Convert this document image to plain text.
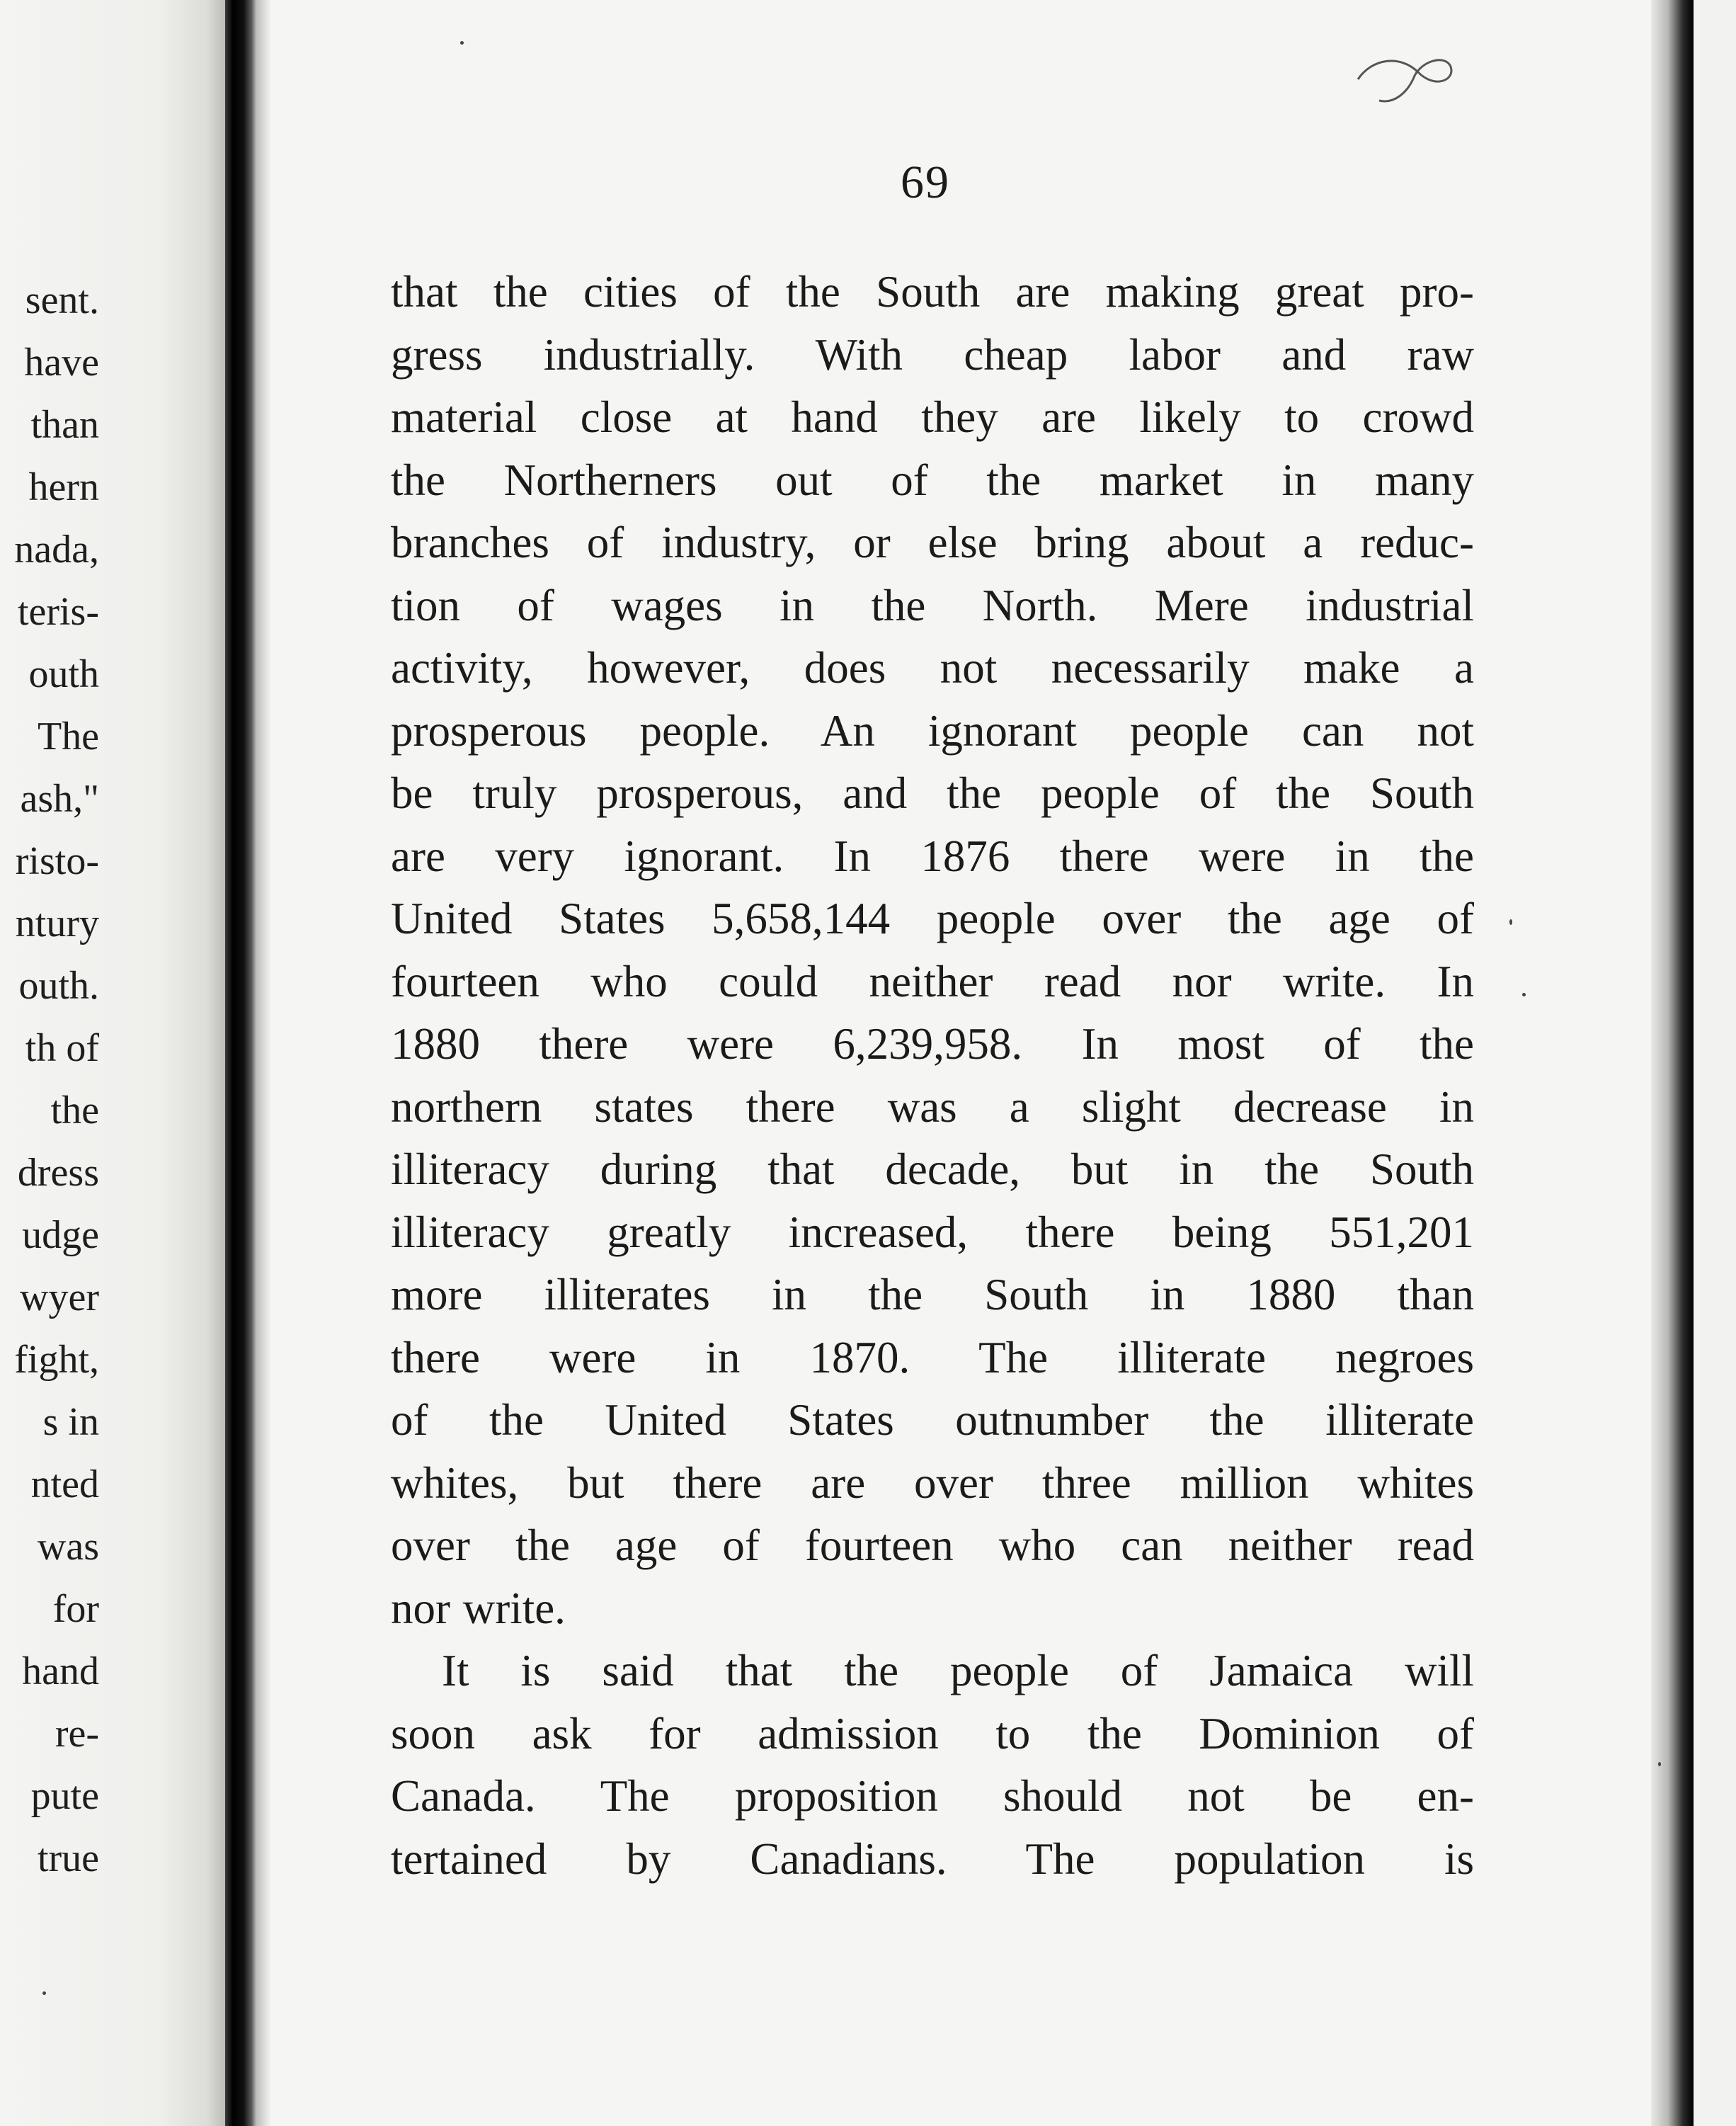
sent.
have
than
hern
nada,
teris-
outh
The
ash,"
risto-
ntury
outh.
th of
the
dress
udge
wyer
fight,
s in
nted
was
for
hand
re-
pute
true
69
that the cities of the South are making great pro-
gress industrially. With cheap labor and raw
material close at hand they are likely to crowd
the Northerners out of the market in many
branches of industry, or else bring about a reduc-
tion of wages in the North. Mere industrial
activity, however, does not necessarily make a
prosperous people. An ignorant people can not
be truly prosperous, and the people of the South
are very ignorant. In 1876 there were in the
United States 5,658,144 people over the age of
fourteen who could neither read nor write. In
1880 there were 6,239,958. In most of the
northern states there was a slight decrease in
illiteracy during that decade, but in the South
illiteracy greatly increased, there being 551,201
more illiterates in the South in 1880 than
there were in 1870. The illiterate negroes
of the United States outnumber the illiterate
whites, but there are over three million whites
over the age of fourteen who can neither read
nor write.
It is said that the people of Jamaica will
soon ask for admission to the Dominion of
Canada. The proposition should not be en-
tertained by Canadians. The population is
